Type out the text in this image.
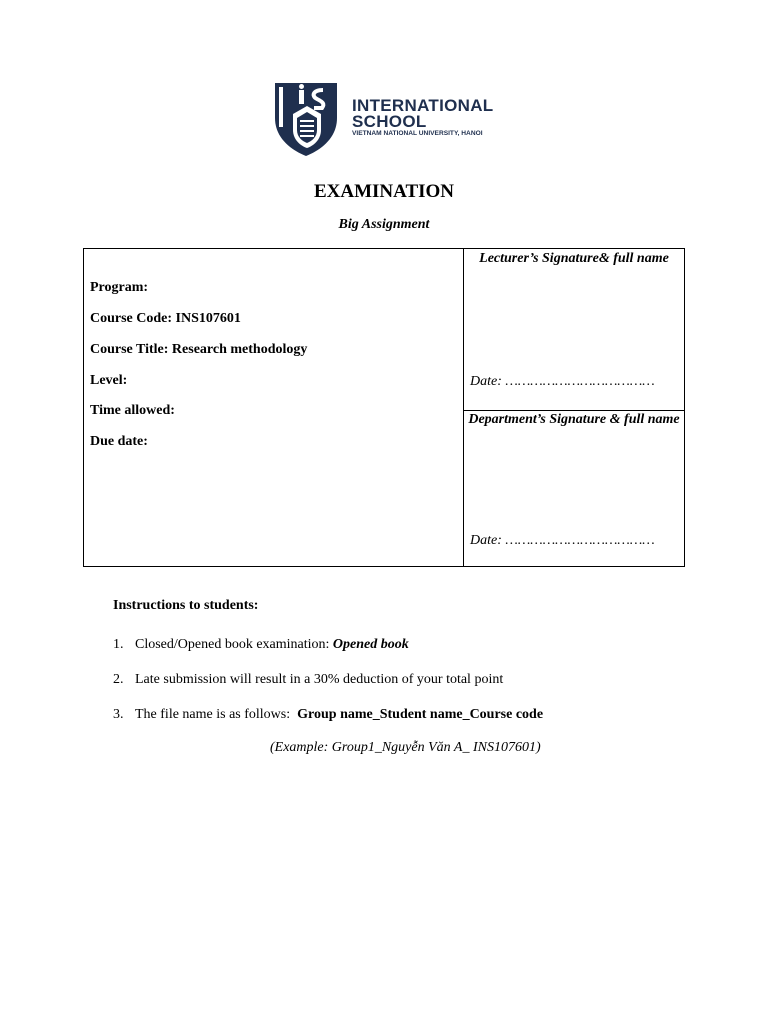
INTERNATIONAL
SCHOOL
VIETNAM NATIONAL UNIVERSITY, HANOI
EXAMINATION
Big Assignment
Program:
Course Code: INS107601
Course Title: Research methodology
Level:
Time allowed:
Due date:
Lecturer’s Signature& full name
Date: ………………………………
Department’s Signature & full name
Date: ………………………………
Instructions to students:
1. Closed/Opened book examination: Opened book
2. Late submission will result in a 30% deduction of your total point
3. The file name is as follows:  Group name_Student name_Course code
(Example: Group1_Nguyễn Văn A_ INS107601)
